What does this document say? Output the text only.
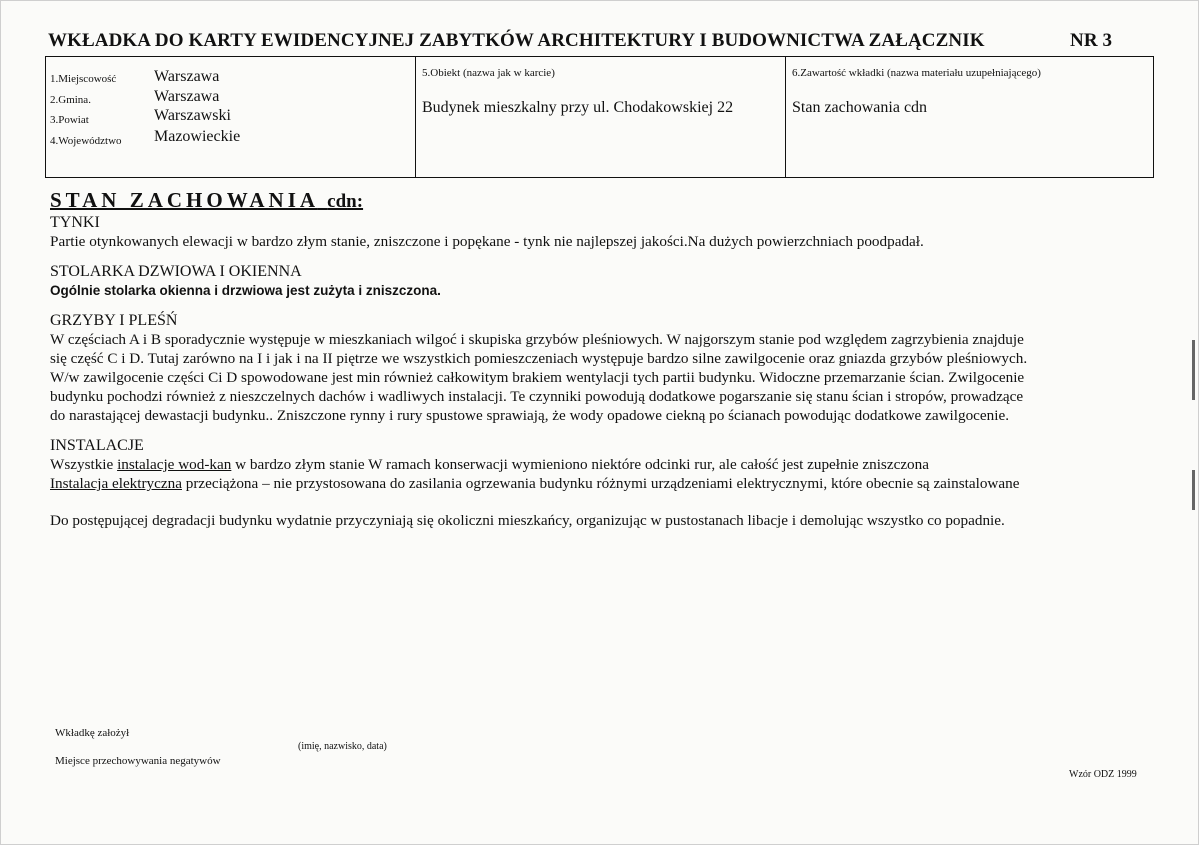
WKŁADKA DO KARTY EWIDENCYJNEJ ZABYTKÓW ARCHITEKTURY I BUDOWNICTWA ZAŁĄCZNIK	NR 3
1.Miejscowość Warszawa
2.Gmina.	Warszawa
3.Powiat	Warszawski
4.Województwo Mazowieckie
5.Obiekt (nazwa jak w karcie)
Budynek mieszkalny przy ul. Chodakowskiej 22
6.Zawartość wkładki (nazwa materiału uzupełniającego)
Stan zachowania cdn

STAN ZACHOWANIA cdn:

TYNKI

Partie otynkowanych elewacji w bardzo złym stanie, zniszczone i popękane - tynk nie najlepszej jakości.Na dużych powierzchniach poodpadał.

STOLARKA DZWIOWA I OKIENNA

Ogólnie stolarka okienna i drzwiowa jest zużyta i zniszczona.

GRZYBY I PLEŚŃ

W częściach A i B sporadycznie występuje w mieszkaniach wilgoć i skupiska grzybów pleśniowych. W najgorszym stanie pod względem zagrzybienia znajduje

się część C i D. Tutaj zarówno na I i jak i na II piętrze we wszystkich pomieszczeniach występuje bardzo silne zawilgocenie oraz gniazda grzybów pleśniowych.

W/w zawilgocenie części Ci D spowodowane jest min również całkowitym brakiem wentylacji tych partii budynku. Widoczne przemarzanie ścian. Zwilgocenie

budynku pochodzi również z nieszczelnych dachów i wadliwych instalacji. Te czynniki powodują dodatkowe pogarszanie się stanu ścian i stropów, prowadzące

do narastającej dewastacji budynku.. Zniszczone rynny i rury spustowe sprawiają, że wody opadowe ciekną po ścianach powodując dodatkowe zawilgocenie.

INSTALACJE

Wszystkie instalacje wod-kan w bardzo złym stanie W ramach konserwacji wymieniono niektóre odcinki rur, ale całość jest zupełnie zniszczona

Instalacja elektryczna przeciążona – nie przystosowana do zasilania ogrzewania budynku różnymi urządzeniami elektrycznymi, które obecnie są zainstalowane

Do postępującej degradacji budynku wydatnie przyczyniają się okoliczni mieszkańcy, organizując w pustostanach libacje i demolując wszystko co popadnie.

Wkładkę założył
Miejsce przechowywania negatywów
(imię, nazwisko, data)
Wzór ODZ 1999
